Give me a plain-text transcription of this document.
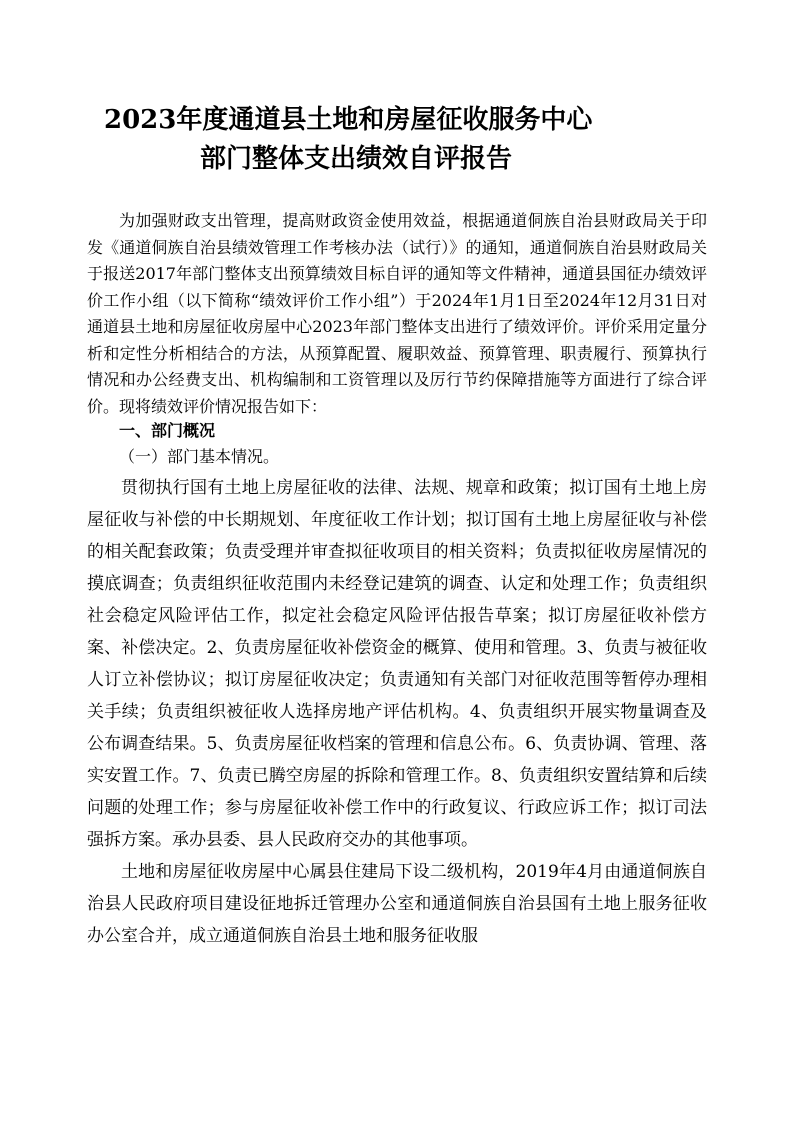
2023年度通道县土地和房屋征收服务中心
部门整体支出绩效自评报告

为加强财政支出管理，提高财政资金使用效益，根据通道侗族自治县财政局关于印发《通道侗族自治县绩效管理工作考核办法（试行）》的通知，通道侗族自治县财政局关于报送2017年部门整体支出预算绩效目标自评的通知等文件精神，通道县国征办绩效评价工作小组（以下简称“绩效评价工作小组”）于2024年1月1日至2024年12月31日对通道县土地和房屋征收房屋中心2023年部门整体支出进行了绩效评价。评价采用定量分析和定性分析相结合的方法，从预算配置、履职效益、预算管理、职责履行、预算执行情况和办公经费支出、机构编制和工资管理以及厉行节约保障措施等方面进行了综合评价。现将绩效评价情况报告如下：

一、部门概况

（一）部门基本情况。

贯彻执行国有土地上房屋征收的法律、法规、规章和政策；拟订国有土地上房屋征收与补偿的中长期规划、年度征收工作计划；拟订国有土地上房屋征收与补偿的相关配套政策；负责受理并审查拟征收项目的相关资料；负责拟征收房屋情况的摸底调查；负责组织征收范围内未经登记建筑的调查、认定和处理工作；负责组织社会稳定风险评估工作，拟定社会稳定风险评估报告草案；拟订房屋征收补偿方案、补偿决定。2、负责房屋征收补偿资金的概算、使用和管理。3、负责与被征收人订立补偿协议；拟订房屋征收决定；负责通知有关部门对征收范围等暂停办理相关手续；负责组织被征收人选择房地产评估机构。4、负责组织开展实物量调查及公布调查结果。5、负责房屋征收档案的管理和信息公布。6、负责协调、管理、落实安置工作。7、负责已腾空房屋的拆除和管理工作。8、负责组织安置结算和后续问题的处理工作；参与房屋征收补偿工作中的行政复议、行政应诉工作；拟订司法强拆方案。承办县委、县人民政府交办的其他事项。

土地和房屋征收房屋中心属县住建局下设二级机构，2019年4月由通道侗族自治县人民政府项目建设征地拆迁管理办公室和通道侗族自治县国有土地上服务征收办公室合并，成立通道侗族自治县土地和服务征收服
